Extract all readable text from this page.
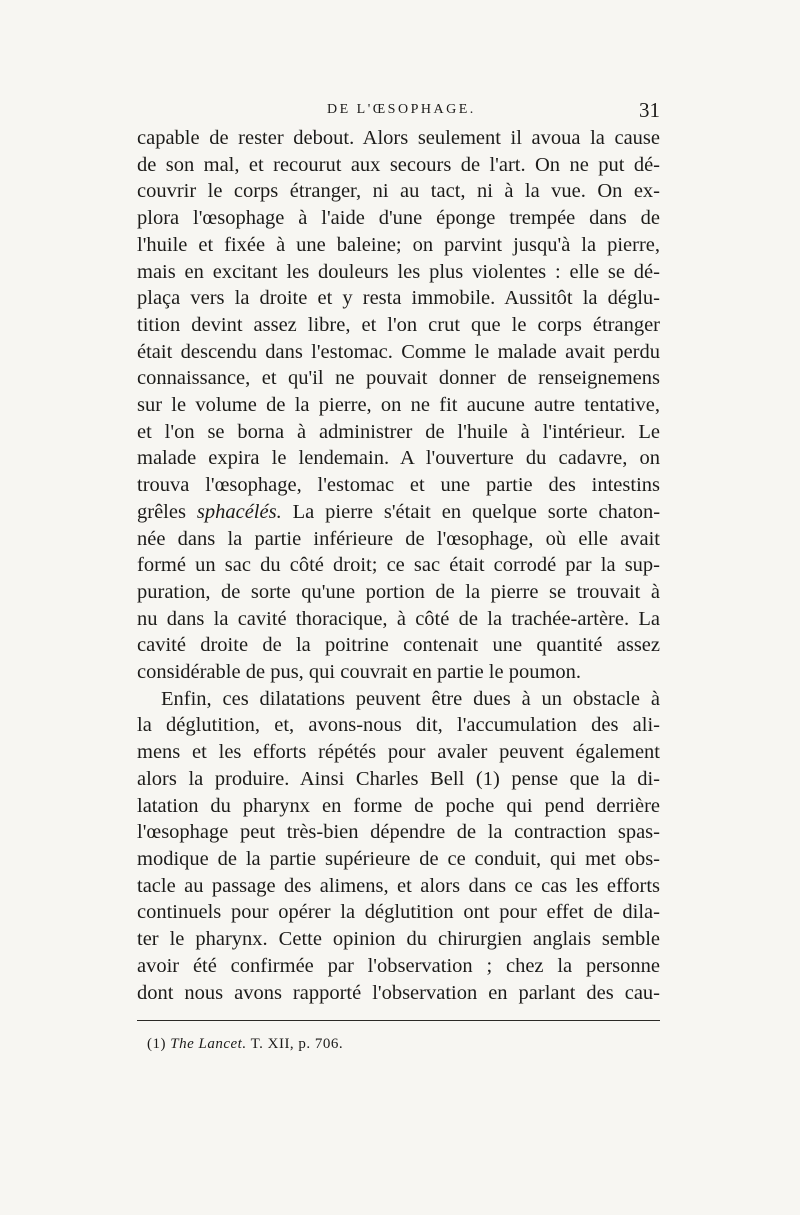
DE L'ŒSOPHAGE.	31
capable de rester debout. Alors seulement il avoua la cause
de son mal, et recourut aux secours de l'art. On ne put dé-
couvrir le corps étranger, ni au tact, ni à la vue. On ex-
plora l'œsophage à l'aide d'une éponge trempée dans de
l'huile et fixée à une baleine; on parvint jusqu'à la pierre,
mais en excitant les douleurs les plus violentes : elle se dé-
plaça vers la droite et y resta immobile. Aussitôt la déglu-
tition devint assez libre, et l'on crut que le corps étranger
était descendu dans l'estomac. Comme le malade avait perdu
connaissance, et qu'il ne pouvait donner de renseignemens
sur le volume de la pierre, on ne fit aucune autre tentative,
et l'on se borna à administrer de l'huile à l'intérieur. Le
malade expira le lendemain. A l'ouverture du cadavre, on
trouva l'œsophage, l'estomac et une partie des intestins
grêles sphacélés. La pierre s'était en quelque sorte chaton-
née dans la partie inférieure de l'œsophage, où elle avait
formé un sac du côté droit; ce sac était corrodé par la sup-
puration, de sorte qu'une portion de la pierre se trouvait à
nu dans la cavité thoracique, à côté de la trachée-artère. La
cavité droite de la poitrine contenait une quantité assez
considérable de pus, qui couvrait en partie le poumon.
Enfin, ces dilatations peuvent être dues à un obstacle à
la déglutition, et, avons-nous dit, l'accumulation des ali-
mens et les efforts répétés pour avaler peuvent également
alors la produire. Ainsi Charles Bell (1) pense que la di-
latation du pharynx en forme de poche qui pend derrière
l'œsophage peut très-bien dépendre de la contraction spas-
modique de la partie supérieure de ce conduit, qui met obs-
tacle au passage des alimens, et alors dans ce cas les efforts
continuels pour opérer la déglutition ont pour effet de dila-
ter le pharynx. Cette opinion du chirurgien anglais semble
avoir été confirmée par l'observation ; chez la personne
dont nous avons rapporté l'observation en parlant des cau-
(1) The Lancet. T. XII, p. 706.
